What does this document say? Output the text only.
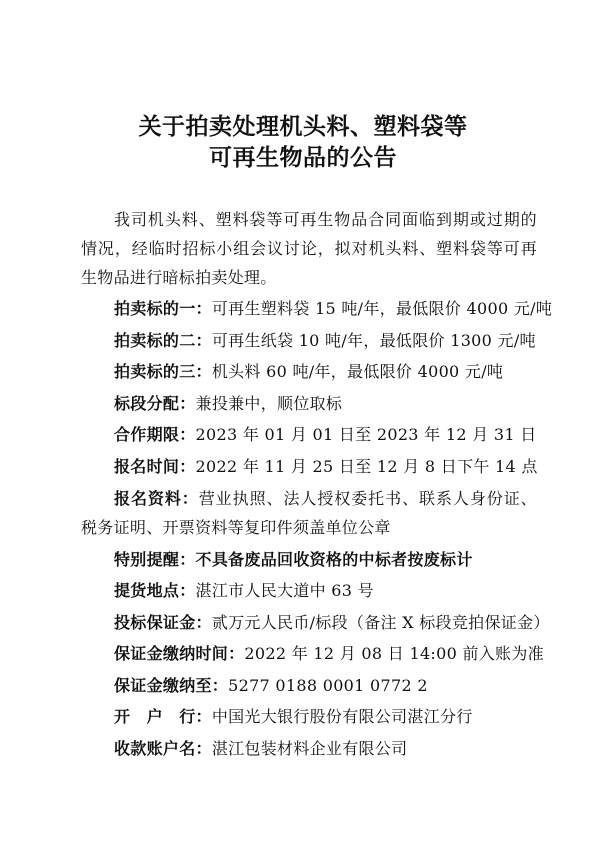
关于拍卖处理机头料、塑料袋等
可再生物品的公告
我司机头料、塑料袋等可再生物品合同面临到期或过期的情况，经临时招标小组会议讨论，拟对机头料、塑料袋等可再生物品进行暗标拍卖处理。
拍卖标的一：可再生塑料袋 15 吨/年，最低限价 4000 元/吨
拍卖标的二：可再生纸袋 10 吨/年，最低限价 1300 元/吨
拍卖标的三：机头料 60 吨/年，最低限价 4000 元/吨
标段分配：兼投兼中，顺位取标
合作期限：2023 年 01 月 01 日至 2023 年 12 月 31 日
报名时间：2022 年 11 月 25 日至 12 月 8 日下午 14 点
报名资料：营业执照、法人授权委托书、联系人身份证、税务证明、开票资料等复印件须盖单位公章
特别提醒：不具备废品回收资格的中标者按废标计
提货地点：湛江市人民大道中 63 号
投标保证金：贰万元人民币/标段（备注 X 标段竞拍保证金）
保证金缴纳时间：2022 年 12 月 08 日 14:00 前入账为准
保证金缴纳至：5277 0188 0001 0772 2
开　户　行：中国光大银行股份有限公司湛江分行
收款账户名：湛江包装材料企业有限公司
